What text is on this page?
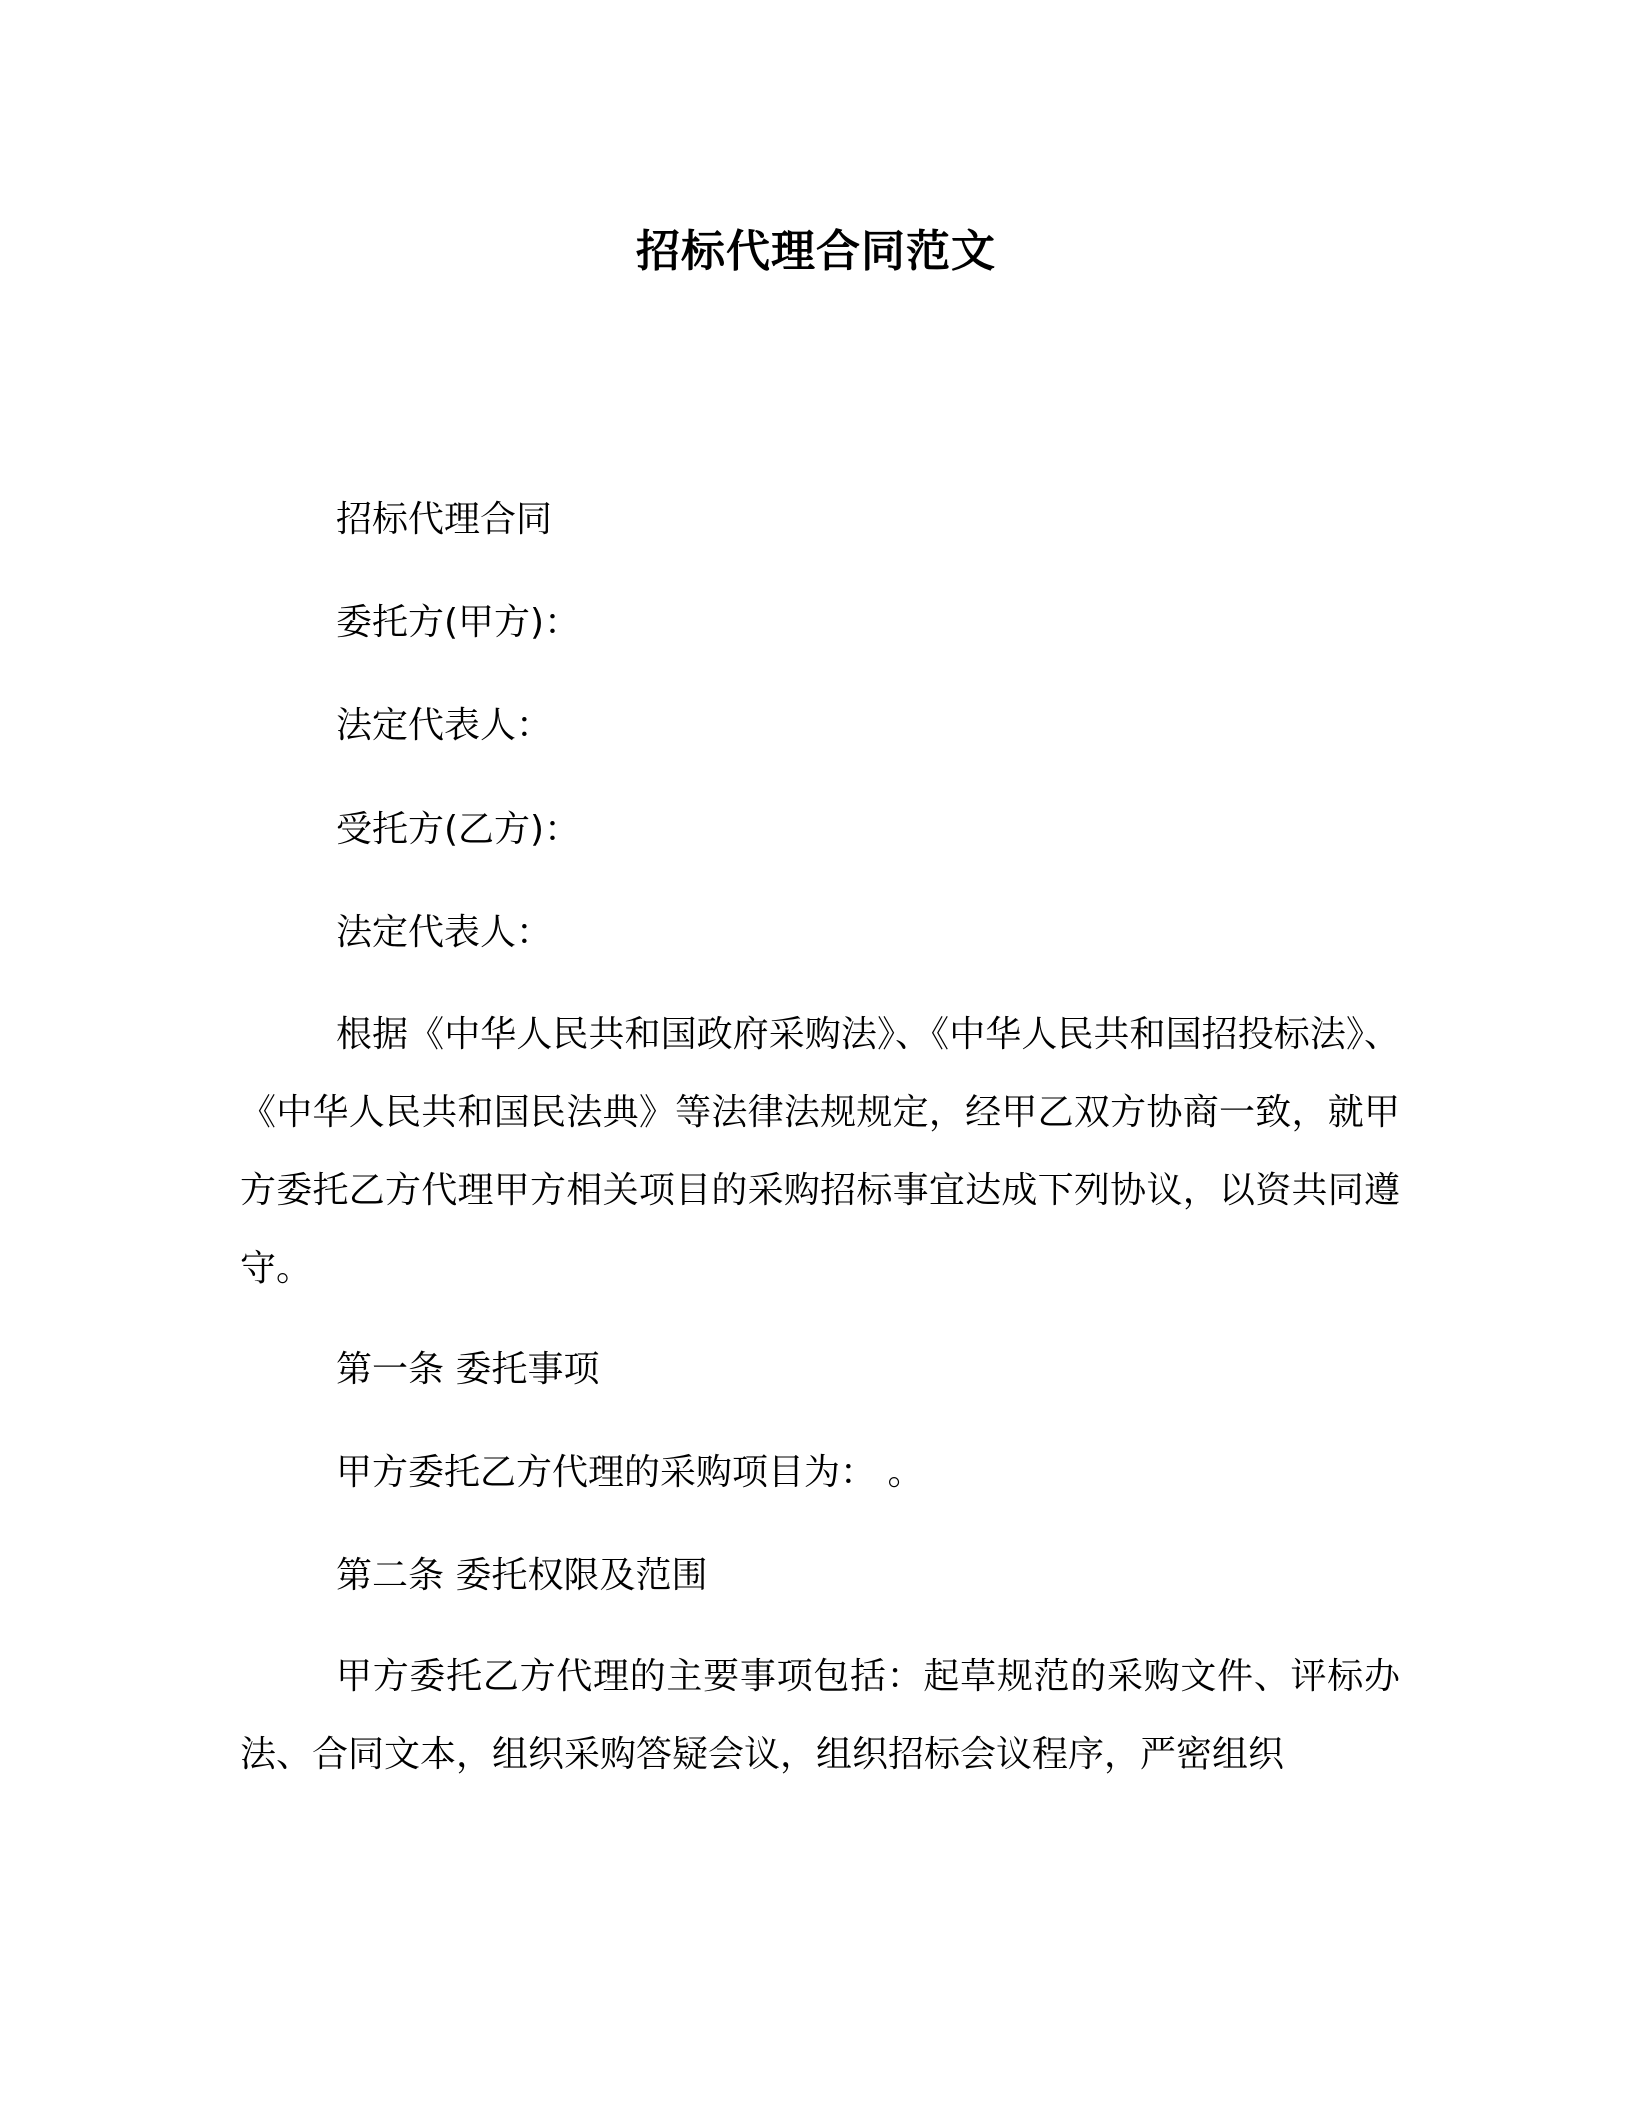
招标代理合同范文
招标代理合同
委托方(甲方)：
法定代表人：
受托方(乙方)：
法定代表人：
根据《中华人民共和国政府采购法》、《中华人民共和国招投标法》、《中华人民共和国民法典》等法律法规规定，经甲乙双方协商一致，就甲方委托乙方代理甲方相关项目的采购招标事宜达成下列协议，以资共同遵守。
第一条 委托事项
甲方委托乙方代理的采购项目为： 。
第二条 委托权限及范围
甲方委托乙方代理的主要事项包括：起草规范的采购文件、评标办法、合同文本，组织采购答疑会议，组织招标会议程序，严密组织
